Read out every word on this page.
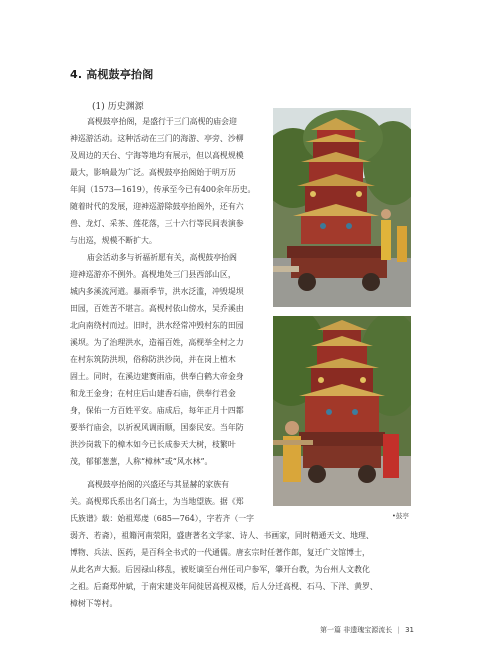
4. 高枧鼓亭抬阁
(1) 历史渊源
高枧鼓亭抬阁，是盛行于三门高枧的庙会迎
神巡游活动。这种活动在三门的海游、亭旁、沙柳
及周边的天台、宁海等地均有展示，但以高枧规模
最大，影响最为广泛。高枧鼓亭抬阁始于明万历
年间（1573—1619），传承至今已有400余年历史。
随着时代的发展，迎神巡游除鼓亭抬阁外，还有六
兽、龙灯、采茶、莲花落，三十六行等民间表演参
与出巡，规模不断扩大。
庙会活动多与祈福祈愿有关，高枧鼓亭抬阁
迎神巡游亦不例外。高枧地处三门县西部山区，
城内多溪流河道。暴雨季节，洪水泛滥，冲毁堤坝
田园，百姓苦不堪言。高枧村依山傍水，吴乔溪由
北向南绕村而过。旧时，洪水经常冲毁村东的田园
溪坝。为了治理洪水，造福百姓，高枧举全村之力
在村东筑防洪坝，俗称防洪沙岗，并在岗上植木
固土。同时，在溪边建赛雨庙，供奉白鹤大帝金身
和龙王金身；在村庄后山建香石庙，供奉行君金
身，保佑一方百姓平安。庙成后，每年正月十四都
要举行庙会，以祈祝风调雨顺，国泰民安。当年防
洪沙岗栽下的樟木如今已长成参天大树，枝繁叶
茂，郁郁葱葱，人称“樟林”或“风水林”。
高枧鼓亭抬阁的兴盛还与其显赫的家族有
关。高枧郑氏系出名门高士，为当地望族。据《郑
氏族谱》载：始祖郑虔（685—764），字若齐（一字
弱齐、若斋），祖籍河南荥阳，盛唐著名文学家、诗人、书画家，同时精通天文、地理、
博物、兵法、医药，是百科全书式的一代通儒。唐玄宗时任著作郎，复迁广文馆博士，
从此名声大振。后因禄山移乱，被贬谪至台州任司户参军，肇开台教，为台州人文教化
之祖。后裔郑仲斌，于南宋建炎年间徙居高枧双楼，后人分迁高枧、石马、下洋、黄罗、
樟树下等村。
•鼓亭
第一篇 非遗瑰宝源流长 | 31
